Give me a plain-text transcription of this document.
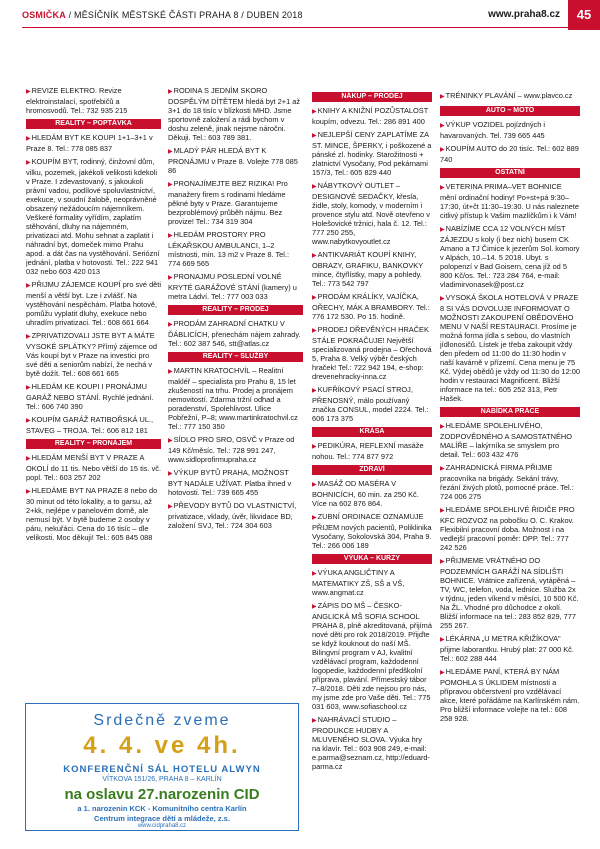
OSMIČKA / MĚSÍČNÍK MĚSTSKÉ ČÁSTI PRAHA 8 / DUBEN 2018	www.praha8.cz	45
▶REVIZE ELEKTRO. Revize elektroinstalací, spotřebičů a hromosvodů. Tel.: 732 935 215
REALITY – POPTÁVKA
▶HLEDÁM BYT KE KOUPI 1+1–3+1 v Praze 8. Tel.: 778 085 837
▶KOUPÍM BYT, rodinný, činžovní dům, vilku, pozemek, jakékoli velikosti kdekoli v Praze. I zdevastovaný, s jakoukoli právní vadou, podílové spoluvlastnictví, exekuce, v soudní žalobě, neoprávněné obsazený nežádoucím nájemníkem. Veškeré formality vyřídím, zaplatím stěhování, dluhy na nájemném, privatizaci atd. Mohu sehnat a zaplatit i náhradní byt, domeček mimo Prahu apod. a dát čas na vystěhování. Seriózní jednání, platba v hotovosti. Tel.: 222 941 032 nebo 603 420 013
▶PŘIJMU ZÁJEMCE KOUPÍ pro své děti menší a větší byt. Lze i zvlášť. Na vystěhování nespěchám. Platba hotově, pomůžu vyplatit dluhy, exekuce nebo uhradím privatizaci. Tel.: 608 661 664
▶ZPRIVATIZOVALI JSTE BYT A MÁTE VYSOKÉ SPLÁTKY? Přímý zájemce od Vás koupí byt v Praze na investici pro své děti a seniorům nabízí, že nechá v bytě dožít. Tel.: 608 661 665
▶HLEDÁM KE KOUPI I PRONÁJMU GARÁŽ NEBO STÁNÍ. Rychlé jednání. Tel.: 606 740 390
▶KOUPÍM GARÁŽ RATIBOŘSKÁ UL., STAVEG – TROJA. Tel.: 606 812 181
REALITY – PRONÁJEM
▶HLEDÁM MENŠÍ BYT V PRAZE A OKOLÍ do 11 tis. Nebo větší do 15 tis. vč. popl. Tel.: 603 257 202
▶HLEDÁME BYT NA PRAZE 8 nebo do 30 minut od této lokality, a to garsu, až 2+kk, nejlépe v panelovém domě, ale nemusí být. V bytě budeme 2 osoby v páru, nekuřáci. Cena do 16 tisíc – dle velikosti. Moc děkuji! Tel.: 605 845 088
▶RODINA S JEDNÍM SKORO DOSPĚLÝM DÍTĚTEM hledá byt 2+1 až 3+1 do 18 tisíc v blízkosti MHD. Jsme sportovně založení a rádi bychom v doshu zeleně, jinak nejsme náročni. Děkuji. Tel.: 603 789 381.
▶MLADÝ PÁR HLEDÁ BYT K PRONÁJMU v Praze 8. Volejte 778 085 86
▶PRONAJÍMEJTE BEZ RIZIKA! Pro manažery firem s rodinami hledáme pěkné byty v Praze. Garantujeme bezproblémový průběh nájmu. Bez provize! Tel.: 734 319 304
▶HLEDÁM PROSTORY PRO LÉKAŘSKOU AMBULANCI, 1–2 místnosti, min. 13 m2 v Praze 8. Tel.: 774 669 565
▶PRONAJMU POSLEDNÍ VOLNÉ KRYTÉ GARÁŽOVÉ STÁNÍ (kamery) u metra Ládví. Tel.: 777 003 033
REALITY – PRODEJ
▶PRODÁM ZAHRADNÍ CHATKU V ĎÁBLICÍCH, přenechám nájem zahrady. Tel.: 602 387 546, stt@atlas.cz
REALITY – SLUŽBY
▶MARTIN KRATOCHVÍL – Realitní makléř – specialista pro Prahu 8, 15 let zkušeností na trhu. Prodej a pronájem nemovitostí. Zdarma tržní odhad a poradenství, Spolehlivost. Ulice Pobřežní, P–8; www.martinkratochvil.cz Tel.: 777 150 350
▶SÍDLO PRO SRO, OSVČ v Praze od 149 Kč/měsíc. Tel.: 728 991 247, www.sidloprofirmupraha.cz
▶VÝKUP BYTŮ PRAHA, MOŽNOST BYT NADÁLE UŽÍVAT. Platba ihned v hotovosti. Tel.: 739 665 455
▶PŘEVODY BYTŮ DO VLASTNICTVÍ, privatizace, vklady, úvěr, likvidace BD, založení SVJ, Tel.: 724 304 603
NÁKUP – PRODEJ
▶KNIHY A KNIŽNÍ POZŮSTALOST koupím, odvezu. Tel.: 286 891 400
▶NEJLEPŠÍ CENY ZAPLATÍME ZA ST. MINCE, ŠPERKY, i poškozené a pánské zl. hodinky. Starožitnosti + zlatnictví Vysočany, Pod pekárnami 157/3, Tel.: 605 829 440
▶NÁBYTKOVÝ OUTLET – DESIGNOVÉ SEDAČKY, křesla, židle, stoly, komody, v moderním i provence stylu atd. Nově otevřeno v Holešovické tržnici, hala č. 12. Tel.: 777 250 255, www.nabytkovyoutlet.cz
▶ANTIKVARIÁT KOUPÍ KNIHY, OBRAZY, GRAFIKU, BANKOVKY mince, čtyřlístky, mapy a pohledy. Tel.: 773 542 797
▶PRODÁM KRÁLÍKY, VAJÍČKA, OŘECHY, MÁK A BRAMBORY. Tel.: 776 172 530. Po 15. hodině.
▶PRODEJ DŘEVĚNÝCH HRAČEK STÁLE POKRAČUJE! Největší specializovaná prodejna – Ořechová 5, Praha 8. Velký výběr českých hraček! Tel.: 722 942 194, e-shop: drevenehracky-inna.cz
▶KUFŘÍKOVÝ PSACÍ STROJ, PŘENOSNÝ, málo používaný značka CONSUL, model 2224. Tel.: 606 173 375
KRÁSA
▶PEDIKÚRA, REFLEXNÍ masáže nohou. Tel.: 774 877 972
ZDRAVÍ
▶MASÁŽ OD MASÉRA V BOHNICÍCH, 60 min. za 250 Kč. Více na 602 876 864.
▶ZUBNÍ ORDINACE OZNAMUJE PŘIJEM nových pacientů, Poliklinika Vysočany, Sokolovská 304, Praha 9. Tel.: 266 006 189
VÝUKA – KURZY
▶VÝUKA ANGLIČTINY A MATEMATIKY ZŠ, SŠ a VŠ, www.angmat.cz
▶ZÁPIS DO MŠ – ČESKO-ANGLICKÁ MŠ SOFIA SCHOOL PRAHA 8, plně akreditovaná, přijímá nové děti pro rok 2018/2019. Přijďte se když kouknout do naší MŠ. Bilingvní program v AJ, kvalitní vzdělávací program, každodenní logopedie, každodenní předškolní příprava, plavání. Přímestský tábor 7–8/2018. Děti zde nejsou pro nás, my jsme zde pro Vaše děti. Tel.: 775 031 603, www.sofiaschool.cz
▶NAHRÁVACÍ STUDIO – PRODUKCE HUDBY A MLUVENÉHO SLOVA. Výuka hry na klavír. Tel.: 603 908 249, e-mail: e.parma@seznam.cz, http://eduard-parma.cz
▶TRÉNINKY PLAVÁNÍ – www.plavco.cz
AUTO – MOTO
▶VÝKUP VOZIDEL pojízdných i havarovaných. Tel. 739 665 445
▶KOUPÍM AUTO do 20 tisíc. Tel.: 602 889 740
OSTATNÍ
▶VETERINA PRIMA–VET BOHNICE mění ordinační hodiny! Po+st+pá 9:30–17:30, út+čt 11:30–19:30. U nás naleznete citlivý přístup k Vašim mazlíčkům i k Vám!
▶NABÍZÍME CCA 12 VOLNÝCH MÍST ZÁJEZDU s koly (i bez nich) busem CK Amano a TJ Čimice k jezerům Sol. komory v Alpách, 10.–14. 5 2018. Ubyt. s polopenzí v Bad Goisern, cena jíž od 5 800 Kč/os. Tel.: 723 284 764, e-mail: vladimirvonasek@post.cz
▶VYSOKÁ ŠKOLA HOTELOVÁ V PRAZE 8 SI VÁS DOVOLUJE INFORMOVAT O MOŽNOSTI ZAKOUPENÍ OBĚDOVÉHO MENU V NAŠÍ RESTAURACI. Prosíme je možná forma jídla s sebou, do vlastních jídlonosičů. Lístek je třeba zakoupit vždy den předem od 11:00 do 11:30 hodin v naší kavárně v přízemí. Cena menu je 75 Kč. Výdej obědů je vždy od 11:30 do 12:00 hodin v restauraci Magnificent. Bližší informace na tel.: 605 252 313, Petr Hašek.
NABÍDKA PRÁCE
▶HLEDÁME SPOLEHLIVÉHO, ZODPOVĚDNÉHO A SAMOSTATNÉHO MALÍŘE – lakýrníka se smyslem pro detail. Tel.: 603 432 476
▶ZAHRADNICKÁ FIRMA PŘIJME pracovníka na brigády. Sekání trávy, řezání živých plotů, pomocné práce. Tel.: 724 006 275
▶HLEDÁME SPOLEHLIVÉ ŘIDIČE PRO KFC ROZVOZ na pobočku O. C. Krakov. Flexibilní pracovní doba. Možnost i na vedlejší pracovní poměr: DPP. Tel.: 777 242 526
▶PŘIJMEME VRÁTNÉHO DO PODZEMNÍCH GARÁŽÍ NA SÍDLIŠTI BOHNICE. Vrátnice zařízená, vytápěná – TV, WC, telefon, voda, lednice. Služba 2x v týdnu, jeden víkend v měsíci, 10 500 Kč. Na ŽL. Vhodné pro důchodce z okolí. Bližší informace na tel.: 283 852 829, 777 255 267.
▶LÉKÁRNA „U METRA KŘIŽÍKOVA" přijme laborantku. Hrubý plat: 27 000 Kč. Tel.: 602 288 444
▶HLEDÁME PANÍ, KTERÁ BY NÁM POMOHLA S ÚKLIDEM místnosti a přípravou občerstvení pro vzdělávací akce, které pořádáme na Karlínském nám. Pro bližší informace volejte na tel.: 608 258 928.
Srdečně zveme
4. 4. ve 4h.
KONFERENČNÍ SÁL HOTELU ALWYN
VÍTKOVA 151/26, PRAHA 8 – KARLÍN
na oslavu 27.narozenin CID
a 1. narozenin KCK - Komunitního centra Karlín
Centrum integrace dětí a mládeže, z.s.
www.cidpraha8.cz
